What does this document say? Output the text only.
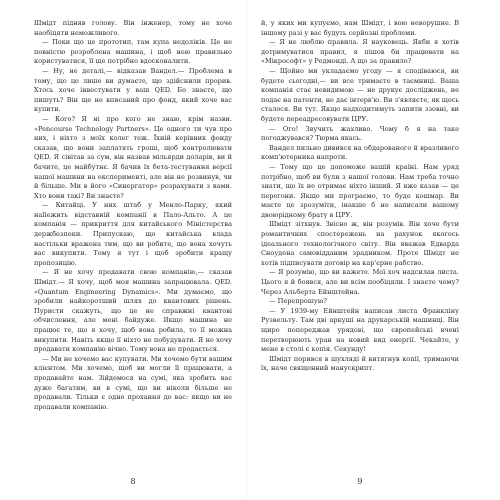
Шмідт підняв голову. Він інженер, тому не хоче наобіцяти неможливого.

— Поки що це прототип, там купа недоліків. Це не повністю розроблена машина, і щоб нею правильно користуватися, її ще потрібно вдосконалити.

— Ну, не деталі,— відказав Вандел.— Проблема в тому, що це лише ви думаєте, що здійснили прорив. Хтось хоче інвестувати у ваш QED. Бо знаєте, що пишуть? Він ще не вписаний про фонд, який хоче вас купити.

— Кого? Я ні про кого не знаю, крім назви. «Pencourse Technology Partners». Це одного ти чув про них, і ніхто з моїх колег теж. Їхній керівник фонду сказав, що вони заплатять гроші, щоб контролювати QED. Я сівітав за сум, він назвав мільярди доларів, ви й бачите, це майбутнє. Я бачив їх бета-тестування версії нашої машини на експерименті, але він не розвинув, чи й більше. Ми в його «Синергатор» розрахувати з вами. Хто вони такі? Ви знаєте?

— Китайці. У них штаб у Менло-Парку, який нallежить відставній компанії в Пало-Альто. А це компанія — прикриття для китайського Міністерства держбезпеки. Припускаю, що китайська влада настільки вражена тим, що ви робите, що вона хочуть вас викупити. Тому я тут і щоб зробити кращу пропозицію.

— Я не хочу продавати свою компанію,— сказав Шмідт.— Я хочу, щоб моя машина запрацювала. QED. «Quantum Engineering Dynamics». Ми думаємо, що зробили найкоротший шлях до квантових рішень. Пуристи скажуть, що це не справжні квантові обчислення, але мені байдуже. Якщо машина не працює те, що я хочу, щоб вона робила, то її можна викупити. Навіть якщо її ніхто не побудувати. Я не хочу продавати компанію вічно. Тому вона не продається.

— Ми не хочемо вас купувати. Ми хочемо бути вашим клієнтом. Ми хочемо, щоб ви могли її працювати, а продавайте нам. Зійдемося на сумі, яка зробить вас дуже багатим, ви в сумі, що ви ніколи більше не продавали. Тільки є одне прохання до вас: якщо ви не продавали компанію.

8

й, у яких ми купуємо, нам Шмідт, і вою неворушне. В іншому разі у вас будуть серйозні проблеми.

— Я не люблю правила. Я науковець. Якби я хотів дотримуватися правил, я пішов би працювати на «Мікрософт» у Редмонді. А що за правило?

— Щойно ми укладаємо угоду — я сподіваюся, ви будете сьогодні,— ви все тримаєте в таємниці. Ваша компанія стає невидимою — не друкує досліджень, не подає на патенти, не дає інтерв'ю. Ви з'являєте, як щось сталося. Ви тут. Якщо надходитимуть запити ззовні, ви будете переадресовувати ЦРУ.

— Ого! Звучить жахливо. Чому б я на таке погоджувався? Тюрма якась.

Вандел пильно дивився на обдарованого й вразливого комп'ютерника напроти.

— Тому що це допоможе вашій країні. Нам уряд потрібно, щоб ви були з нашої голови. Нам треба точно знати, що їх не отримає ніхто інший. Я вже казав — це перегони. Якщо ми програємо, то буде кошмар. Ви маєте це зрозуміти, інакше б не написали вашому двоюрідному брату в ЦРУ.

Шмідт зітхнув. Звісно ж, він розумів. Він хоче бути романтичних спостережень на рахунок якогось ідеального технологічного світу. Він вважав Едварда Сноудена самовідданим зрадником. Проте Шмідт не хотів підписувати договір на кар'єрне рабство.

— Я розумію, що ви кажете. Мої хоч надсилав листа. Цього я й боявся, але ви всім пообіцяли. І знаєте чому? Через Альберта Ейнштейна.

— Перепрошую?

— У 1939-му Ейнштейн написав листа Франкліну Рузвельту. Там дві аркуші на друкарській машинці. Він щиро попереджав урядові, що європейські вчені перетворюють уран на новий вид енергії. Чекайте, у мене в столі є копія. Секунду!

Шмідт порився в шухляді й витягнув копії, тримаючи їх, наче священний манускрипт.

9
